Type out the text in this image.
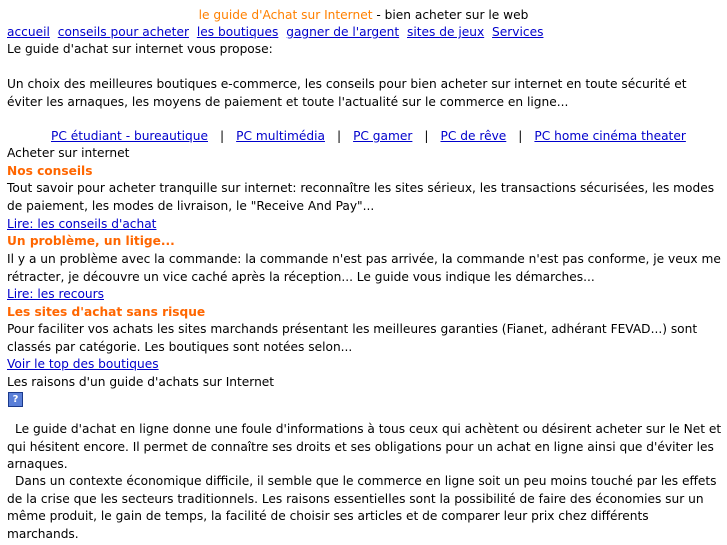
le guide d'Achat sur Internet - bien acheter sur le web
accueil conseils pour acheter les boutiques gagner de l'argent sites de jeux Services
Le guide d'achat sur internet vous propose:
Un choix des meilleures boutiques e-commerce, les conseils pour bien acheter sur internet en toute sécurité et éviter les arnaques, les moyens de paiement et toute l'actualité sur le commerce en ligne...
PC étudiant - bureautique | PC multimédia | PC gamer | PC de rêve | PC home cinéma theater
Acheter sur internet
Nos conseils
Tout savoir pour acheter tranquille sur internet: reconnaître les sites sérieux, les transactions sécurisées, les modes de paiement, les modes de livraison, le "Receive And Pay"...
Lire: les conseils d'achat
Un problème, un litige...
Il y a un problème avec la commande: la commande n'est pas arrivée, la commande n'est pas conforme, je veux me rétracter, je découvre un vice caché après la réception... Le guide vous indique les démarches...
Lire: les recours
Les sites d'achat sans risque
Pour faciliter vos achats les sites marchands présentant les meilleures garanties (Fianet, adhérant FEVAD...) sont classés par catégorie. Les boutiques sont notées selon...
Voir le top des boutiques
Les raisons d'un guide d'achats sur Internet
?
Le guide d'achat en ligne donne une foule d'informations à tous ceux qui achètent ou désirent acheter sur le Net et qui hésitent encore. Il permet de connaître ses droits et ses obligations pour un achat en ligne ainsi que d'éviter les arnaques.
Dans un contexte économique difficile, il semble que le commerce en ligne soit un peu moins touché par les effets de la crise que les secteurs traditionnels. Les raisons essentielles sont la possibilité de faire des économies sur un même produit, le gain de temps, la facilité de choisir ses articles et de comparer leur prix chez différents marchands.
